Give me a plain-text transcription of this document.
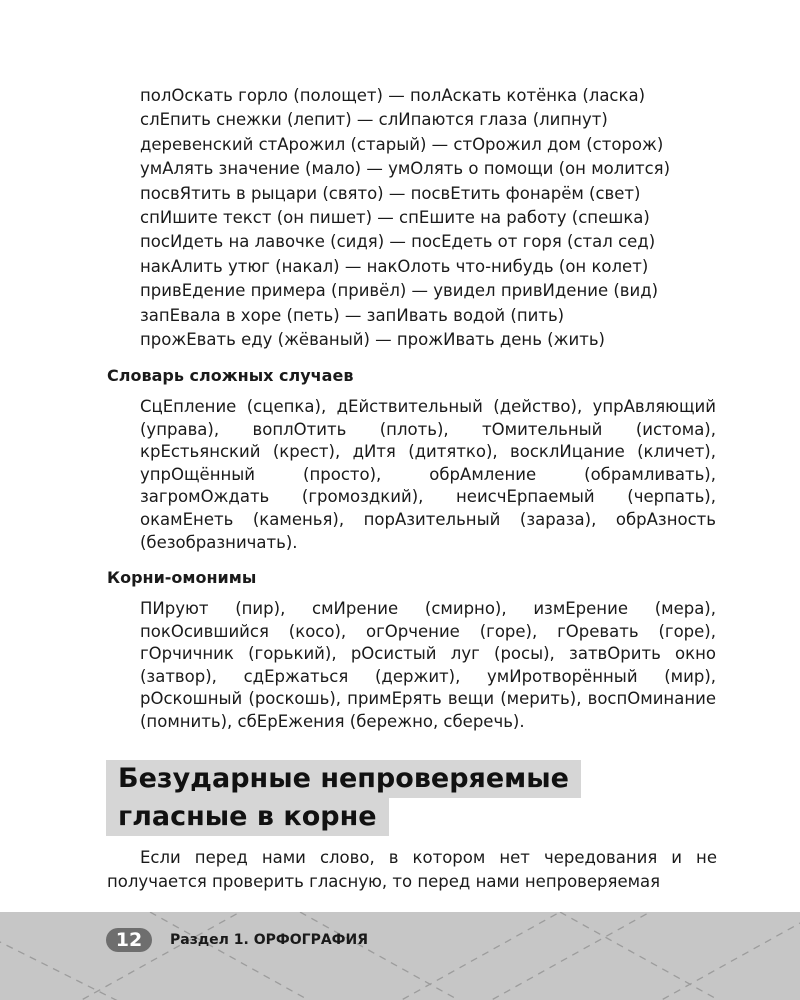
полОскать горло (полощет) — полАскать котёнка (ласка)
слЕпить снежки (лепит) — слИпаются глаза (липнут)
деревенский стАрожил (старый) — стОрожил дом (сторож)
умАлять значение (мало) — умОлять о помощи (он молится)
посвЯтить в рыцари (свято) — посвЕтить фонарём (свет)
спИшите текст (он пишет) — спЕшите на работу (спешка)
посИдеть на лавочке (сидя) — посЕдеть от горя (стал сед)
накАлить утюг (накал) — накОлоть что-нибудь (он колет)
привЕдение примера (привёл) — увидел привИдение (вид)
запЕвала в хоре (петь) — запИвать водой (пить)
прожЕвать еду (жёваный) — прожИвать день (жить)
Словарь сложных случаев
СцЕпление (сцепка), дЕйствительный (действо), упрАвляющий (управа), воплОтить (плоть), тОмительный (истома), крЕстьянский (крест), дИтя (дитятко), восклИцание (кличет), упрОщённый (просто), обрАмление (обрамливать), загромОждать (громоздкий), неисчЕрпаемый (черпать), окамЕнеть (каменья), порАзительный (зараза), обрАзность (безобразничать).
Корни-омонимы
ПИруют (пир), смИрение (смирно), измЕрение (мера), покОсившийся (косо), огОрчение (горе), гОревать (горе), гОрчичник (горький), рОсистый луг (росы), затвОрить окно (затвор), сдЕржаться (держит), умИротворённый (мир), рОскошный (роскошь), примЕрять вещи (мерить), воспОминание (помнить), сбЕрЕжения (бережно, сберечь).
Безударные непроверяемые
гласные в корне
Если перед нами слово, в котором нет чередования и не получается проверить гласную, то перед нами непроверяемая
12	Раздел 1. ОРФОГРАФИЯ
